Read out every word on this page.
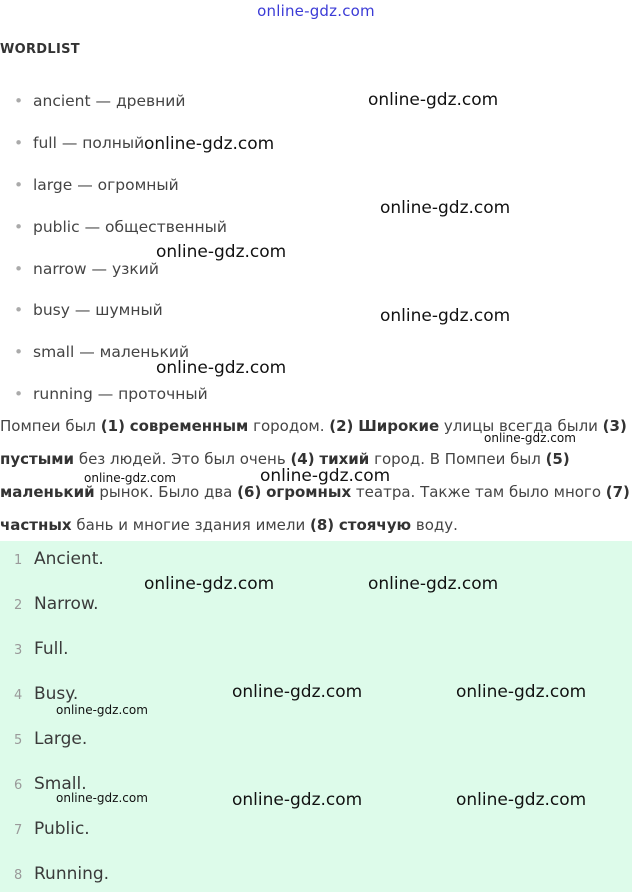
online-gdz.com
WORDLIST
• ancient — древний
• full — полный
• large — огромный
• public — общественный
• narrow — узкий
• busy — шумный
• small — маленький
• running — проточный
Помпеи был (1) современным городом. (2) Широкие улицы всегда были (3)
пустыми без людей. Это был очень (4) тихий город. В Помпеи был (5)
маленький рынок. Было два (6) огромных театра. Также там было много (7)
частных бань и многие здания имели (8) стоячую воду.
1 Ancient.
2 Narrow.
3 Full.
4 Busy.
5 Large.
6 Small.
7 Public.
8 Running.
online-gdz.com
online-gdz.com
online-gdz.com
online-gdz.com
online-gdz.com
online-gdz.com
online-gdz.com
online-gdz.com
online-gdz.com
online-gdz.com	online-gdz.com
online-gdz.com	online-gdz.com
online-gdz.com
online-gdz.com	online-gdz.com
online-gdz.com
